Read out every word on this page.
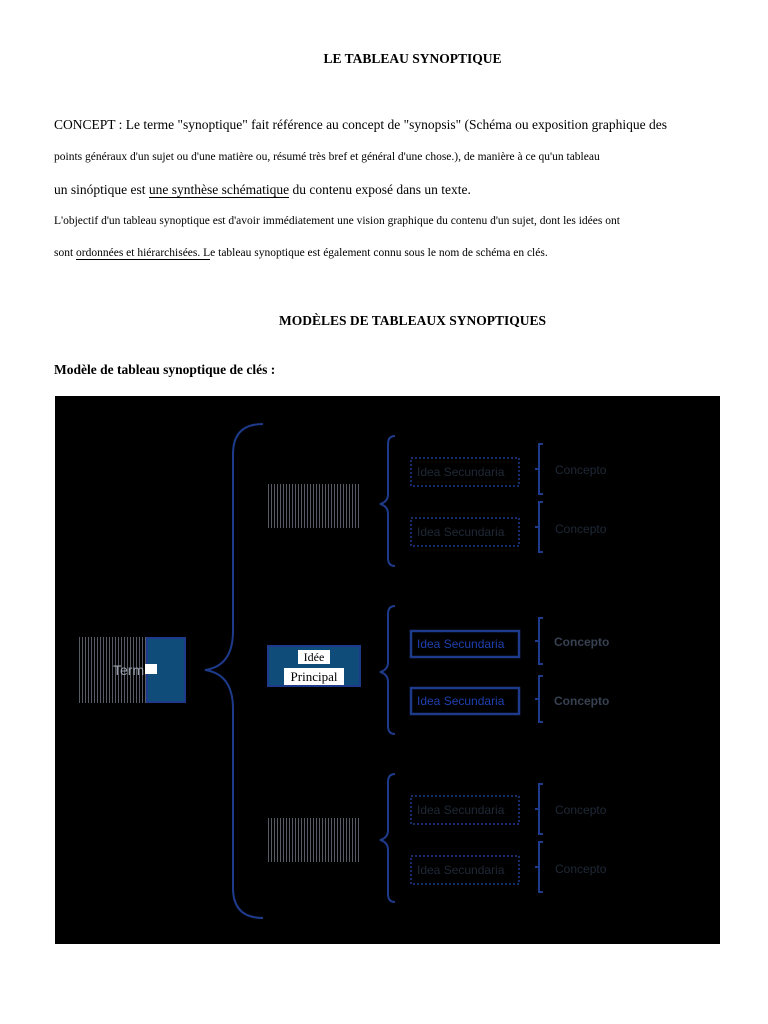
LE TABLEAU SYNOPTIQUE
CONCEPT : Le terme "synoptique" fait référence au concept de "synopsis" (Schéma ou exposition graphique des
points généraux d'un sujet ou d'une matière ou, résumé très bref et général d'une chose.), de manière à ce qu'un tableau
un sinóptique est une synthèse schématique du contenu exposé dans un texte.
L'objectif d'un tableau synoptique est d'avoir immédiatement une vision graphique du contenu d'un sujet, dont les idées ont
sont ordonnées et hiérarchisées. Le tableau synoptique est également connu sous le nom de schéma en clés.
MODÈLES DE TABLEAUX SYNOPTIQUES
Modèle de tableau synoptique de clés :
Term
Idée
Principal
Idea Secundaria
Idea Secundaria
Idea Secundaria
Idea Secundaria
Idea Secundaria
Idea Secundaria
Concepto
Concepto
Concepto
Concepto
Concepto
Concepto
